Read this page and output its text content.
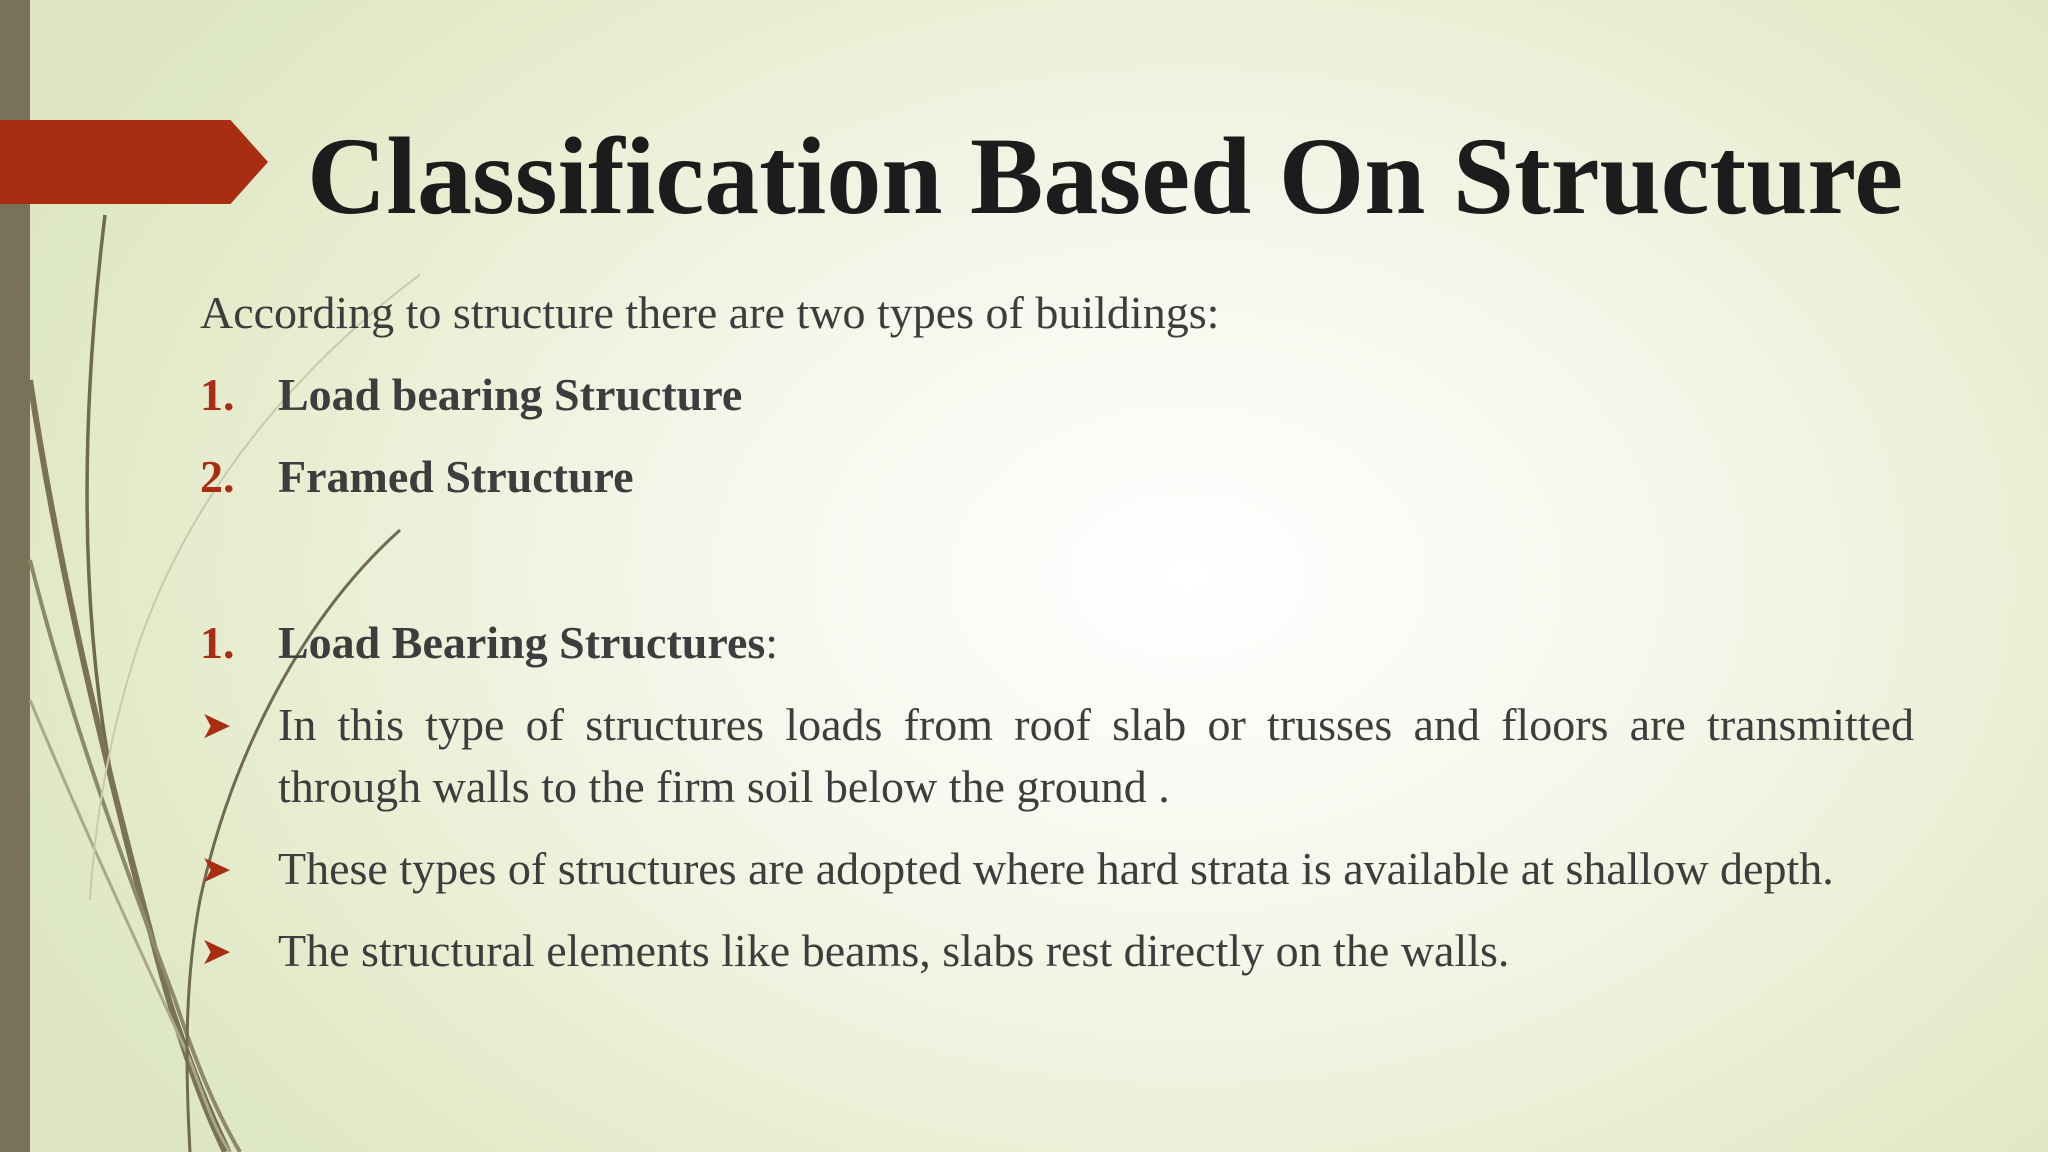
Classification Based On Structure

According to structure there are two types of buildings:

1. Load bearing Structure
2. Framed Structure
1. Load Bearing Structures:
➤ In this type of structures loads from roof slab or trusses and floors are transmitted through walls to the firm soil below the ground .
➤ These types of structures are adopted where hard strata is available at shallow depth.
➤ The structural elements like beams, slabs rest directly on the walls.
